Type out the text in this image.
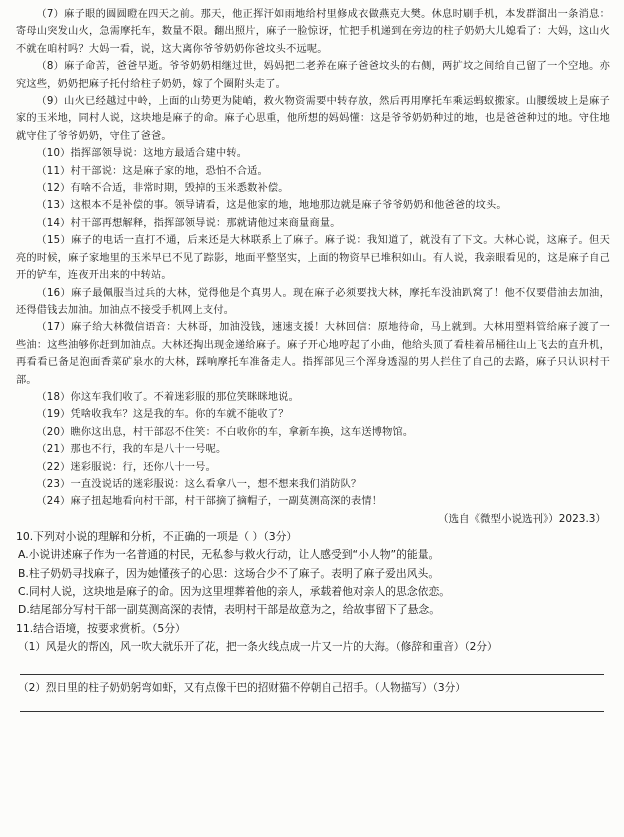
（7）麻子眼的圆圆瞪在四天之前。那天，他正挥汗如雨地给村里修成衣做燕克大樊。休息时刷手机，本发群溜出一条消息：寄母山突发山火，急需摩托车，数量不限。翻出照片，麻子一脸惊讶，忙把手机递到在旁边的柱子奶奶大儿媳看了：大妈，这山火不就在咱村吗？大妈一看，说，这大离你爷爷奶奶你爸坟头不远呢。

（8）麻子命苦，爸爸早逝。爷爷奶奶相继过世，妈妈把二老养在麻子爸爸坟头的右侧，两扩坟之间给自己留了一个空地。亦究这些，奶奶把麻子托付给柱子奶奶，嫁了个圈附头走了。

（9）山火已经越过中岭，上面的山势更为陡峭，救火物资需要中转存放，然后再用摩托车乘运蚂蚁搬家。山腰缓坡上是麻子家的玉米地，同村人说，这块地是麻子的命。麻子心思重，他所想的妈妈懂：这是爷爷奶奶种过的地，也是爸爸种过的地。守住地就守住了爷爷奶奶，守住了爸爸。

（10）指挥部领导说：这地方最适合建中转。

（11）村干部说：这是麻子家的地，恐怕不合适。

（12）有啥不合适，非常时期，毁掉的玉米悉数补偿。

（13）这根本不是补偿的事。领导请看，这是他家的地，地地那边就是麻子爷爷奶奶和他爸爸的坟头。

（14）村干部再想解释，指挥部领导说：那就请他过来商量商量。

（15）麻子的电话一直打不通，后来还是大林联系上了麻子。麻子说：我知道了，就没有了下文。大林心说，这麻子。但天亮的时候，麻子家地里的玉米早已不见了踪影，地面平整坚实，上面的物资早已堆积如山。有人说，我亲眼看见的，这是麻子自己开的铲车，连夜开出来的中转站。

（16）麻子最佩服当过兵的大林，觉得他是个真男人。现在麻子必须要找大林，摩托车没油趴窝了！他不仅要借油去加油，还得借钱去加油。加油点不接受手机网上支付。

（17）麻子给大林微信语音：大林哥，加油没钱，速速支援！大林回信：原地待命，马上就到。大林用塑料管给麻子渡了一些油：这些油够你赶到加油点。大林还掏出现金递给麻子。麻子开心地哼起了小曲，他给头顶了看桂着吊桶往山上飞去的直升机，再看看已备足泡面香菜矿泉水的大林，踩响摩托车准备走人。指挥部见三个浑身透湿的男人拦住了自己的去路，麻子只认识村干部。

（18）你这车我们收了。不着迷彩服的那位笑眯眯地说。

（19）凭啥收我车？这是我的车。你的车就不能收了？

（20）瞧你这出息，村干部忍不住笑：不白收你的车，拿新车换，这车送博物馆。

（21）那也不行，我的车是八十一号呢。

（22）迷彩服说：行，还你八十一号。

（23）一直没说话的迷彩服说：这么看拿八一，想不想来我们消防队？

（24）麻子扭起地看向村干部，村干部摘了摘帽子，一副莫测高深的表情！

（选自《微型小说选刊》）2023.3）

10.下列对小说的理解和分析，不正确的一项是（ ）（3分）

A.小说讲述麻子作为一名普通的村民，无私参与救火行动，让人感受到“小人物”的能量。

B.柱子奶奶寻找麻子，因为她懂孩子的心思：这场合少不了麻子。表明了麻子爱出风头。

C.同村人说，这块地是麻子的命。因为这里埋葬着他的亲人，承载着他对亲人的思念依恋。

D.结尾部分写村干部一副莫测高深的表情，表明村干部是故意为之，给故事留下了悬念。

11.结合语境，按要求赏析。（5分）

（1）风是火的帮凶，风一吹大就乐开了花，把一条火线点成一片又一片的大海。（修辞和重音）（2分）

（2）烈日里的柱子奶奶躬弯如虾，又有点像干巴的招财猫不停朝自己招手。（人物描写）（3分）
